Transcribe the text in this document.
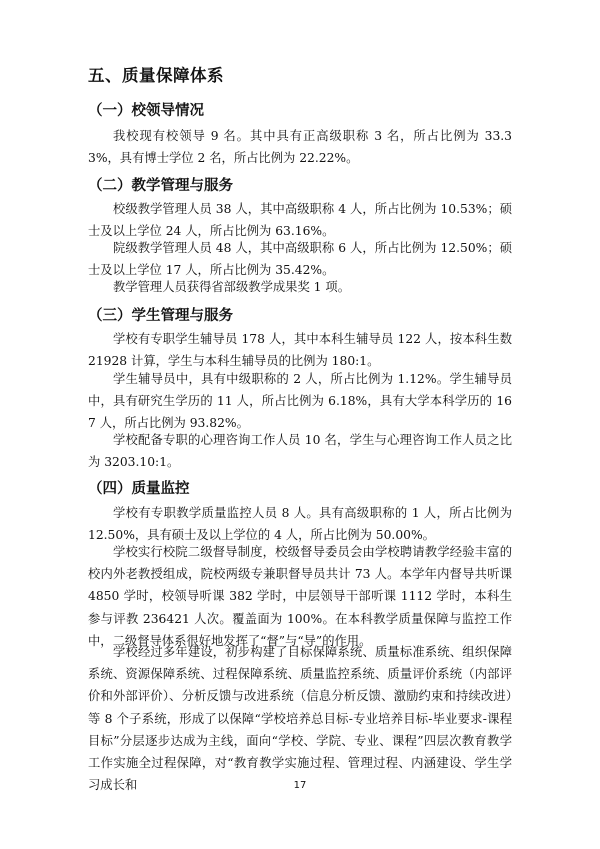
五、质量保障体系
（一）校领导情况

我校现有校领导 9 名。其中具有正高级职称 3 名，所占比例为 33.33%，具有博士学位 2 名，所占比例为 22.22%。

（二）教学管理与服务

校级教学管理人员 38 人，其中高级职称 4 人，所占比例为 10.53%；硕士及以上学位 24 人，所占比例为 63.16%。

院级教学管理人员 48 人，其中高级职称 6 人，所占比例为 12.50%；硕士及以上学位 17 人，所占比例为 35.42%。

教学管理人员获得省部级教学成果奖 1 项。

（三）学生管理与服务

学校有专职学生辅导员 178 人，其中本科生辅导员 122 人，按本科生数 21928 计算，学生与本科生辅导员的比例为 180:1。

学生辅导员中，具有中级职称的 2 人，所占比例为 1.12%。学生辅导员中，具有研究生学历的 11 人，所占比例为 6.18%，具有大学本科学历的 167 人，所占比例为 93.82%。

学校配备专职的心理咨询工作人员 10 名，学生与心理咨询工作人员之比为 3203.10:1。

（四）质量监控

学校有专职教学质量监控人员 8 人。具有高级职称的 1 人，所占比例为 12.50%，具有硕士及以上学位的 4 人，所占比例为 50.00%。

学校实行校院二级督导制度，校级督导委员会由学校聘请教学经验丰富的校内外老教授组成，院校两级专兼职督导员共计 73 人。本学年内督导共听课 4850 学时，校领导听课 382 学时，中层领导干部听课 1112 学时，本科生参与评教 236421 人次。覆盖面为 100%。在本科教学质量保障与监控工作中，二级督导体系很好地发挥了“督”与“导”的作用。

学校经过多年建设，初步构建了目标保障系统、质量标准系统、组织保障系统、资源保障系统、过程保障系统、质量监控系统、质量评价系统（内部评价和外部评价）、分析反馈与改进系统（信息分析反馈、激励约束和持续改进）等 8 个子系统，形成了以保障“学校培养总目标-专业培养目标-毕业要求-课程目标”分层逐步达成为主线，面向“学校、学院、专业、课程”四层次教育教学工作实施全过程保障，对“教育教学实施过程、管理过程、内涵建设、学生学习成长和	17
